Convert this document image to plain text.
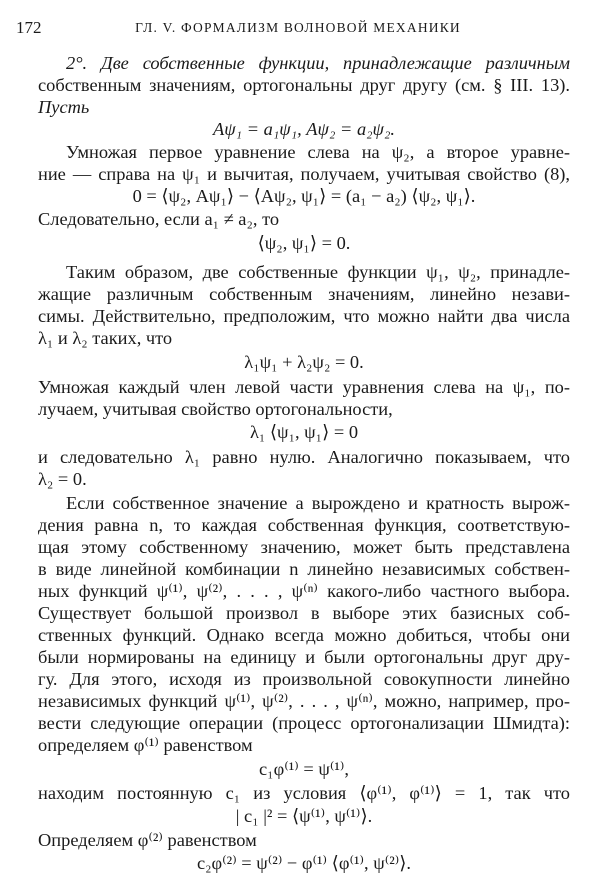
172	ГЛ. V. ФОРМАЛИЗМ ВОЛНОВОЙ МЕХАНИКИ
2°. Две собственные функции, принадлежащие различным
собственным значениям, ортогональны друг другу (см. § III. 13).
Пусть
Aψ₁ = a₁ψ₁, Aψ₂ = a₂ψ₂.
Умножая первое уравнение слева на ψ₂, а второе уравне-
ние — справа на ψ₁ и вычитая, получаем, учитывая свойство (8),
0 = ⟨ψ₂, Aψ₁⟩ − ⟨Aψ₂, ψ₁⟩ = (a₁ − a₂) ⟨ψ₂, ψ₁⟩.
Следовательно, если a₁ ≠ a₂, то
⟨ψ₂, ψ₁⟩ = 0.
Таким образом, две собственные функции ψ₁, ψ₂, принадле-
жащие различным собственным значениям, линейно незави-
симы. Действительно, предположим, что можно найти два числа
λ₁ и λ₂ таких, что
λ₁ψ₁ + λ₂ψ₂ = 0.
Умножая каждый член левой части уравнения слева на ψ₁, по-
лучаем, учитывая свойство ортогональности,
λ₁ ⟨ψ₁, ψ₁⟩ = 0
и следовательно λ₁ равно нулю. Аналогично показываем, что
λ₂ = 0.
Если собственное значение a вырождено и кратность вырож-
дения равна n, то каждая собственная функция, соответствую-
щая этому собственному значению, может быть представлена
в виде линейной комбинации n линейно независимых собствен-
ных функций ψ⁽¹⁾, ψ⁽²⁾, . . . , ψ⁽ⁿ⁾ какого-либо частного выбора.
Существует большой произвол в выборе этих базисных соб-
ственных функций. Однако всегда можно добиться, чтобы они
были нормированы на единицу и были ортогональны друг дру-
гу. Для этого, исходя из произвольной совокупности линейно
независимых функций ψ⁽¹⁾, ψ⁽²⁾, . . . , ψ⁽ⁿ⁾, можно, например, про-
вести следующие операции (процесс ортогонализации Шмидта):
определяем φ⁽¹⁾ равенством
c₁φ⁽¹⁾ = ψ⁽¹⁾,
находим постоянную c₁ из условия ⟨φ⁽¹⁾, φ⁽¹⁾⟩ = 1, так что
| c₁ |² = ⟨ψ⁽¹⁾, ψ⁽¹⁾⟩.
Определяем φ⁽²⁾ равенством
c₂φ⁽²⁾ = ψ⁽²⁾ − φ⁽¹⁾ ⟨φ⁽¹⁾, ψ⁽²⁾⟩.
